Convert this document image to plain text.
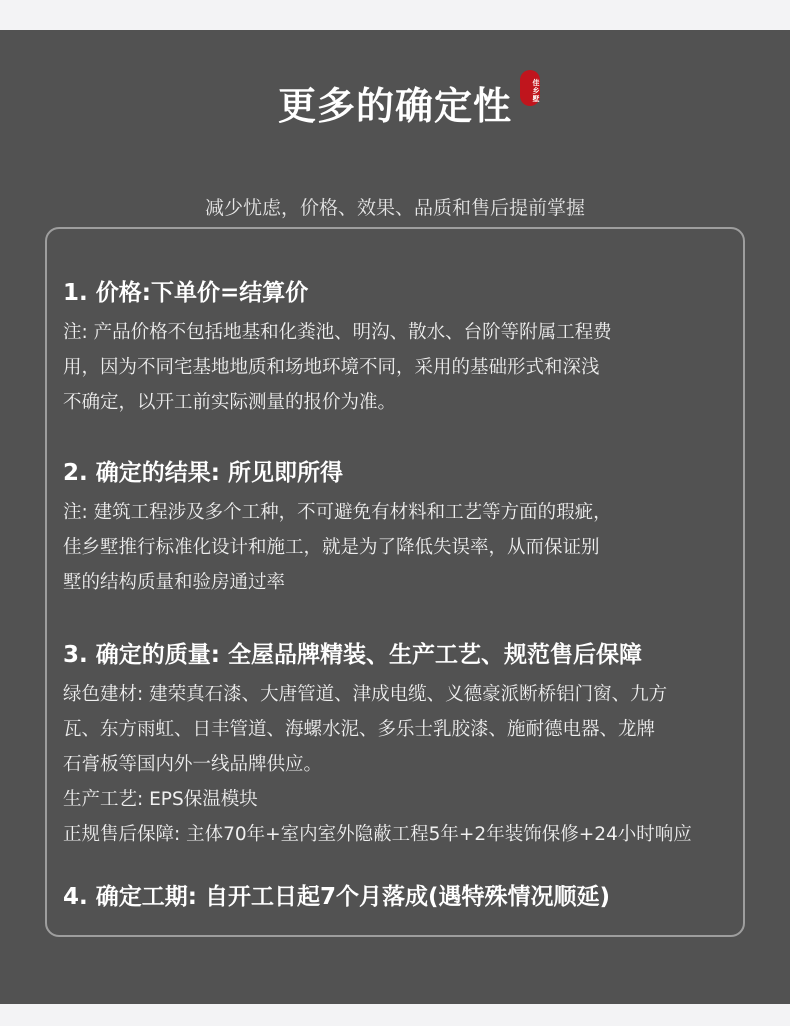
更多的确定性	佳乡墅
减少忧虑，价格、效果、品质和售后提前掌握
1. 价格:下单价=结算价
注: 产品价格不包括地基和化粪池、明沟、散水、台阶等附属工程费
用，因为不同宅基地地质和场地环境不同，采用的基础形式和深浅
不确定，以开工前实际测量的报价为准。
2. 确定的结果: 所见即所得
注: 建筑工程涉及多个工种，不可避免有材料和工艺等方面的瑕疵，
佳乡墅推行标准化设计和施工，就是为了降低失误率，从而保证别
墅的结构质量和验房通过率
3. 确定的质量: 全屋品牌精装、生产工艺、规范售后保障
绿色建材: 建荣真石漆、大唐管道、津成电缆、义德豪派断桥铝门窗、九方
瓦、东方雨虹、日丰管道、海螺水泥、多乐士乳胶漆、施耐德电器、龙牌
石膏板等国内外一线品牌供应。
生产工艺: EPS保温模块
正规售后保障: 主体70年+室内室外隐蔽工程5年+2年装饰保修+24小时响应
4. 确定工期: 自开工日起7个月落成(遇特殊情况顺延)
